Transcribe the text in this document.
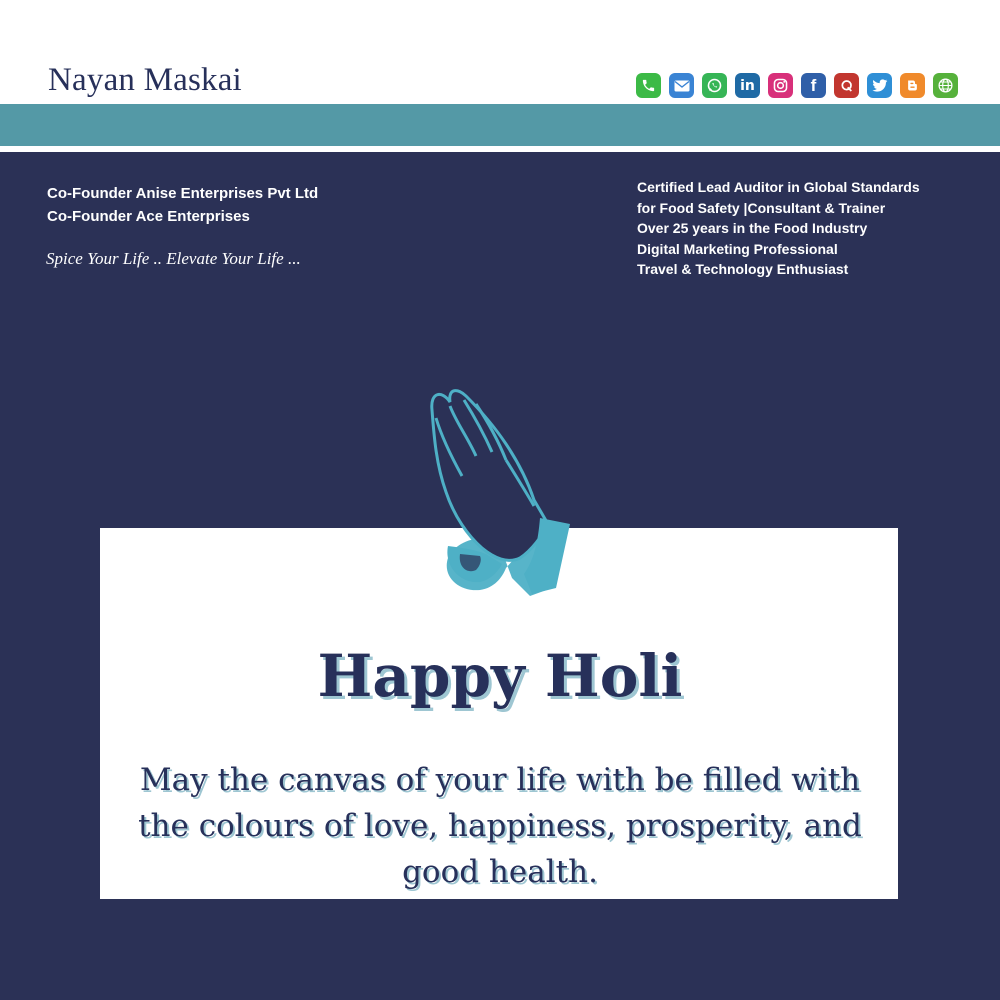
Nayan Maskai	in	f
Co-Founder Anise Enterprises Pvt Ltd
Co-Founder Ace Enterprises
Spice Your Life .. Elevate Your Life ...
Certified Lead Auditor in Global Standards
for Food Safety |Consultant & Trainer
Over 25 years in the Food Industry
Digital Marketing Professional
Travel & Technology Enthusiast
Happy Holi
May the canvas of your life with be filled with the colours of love, happiness, prosperity, and good health.
